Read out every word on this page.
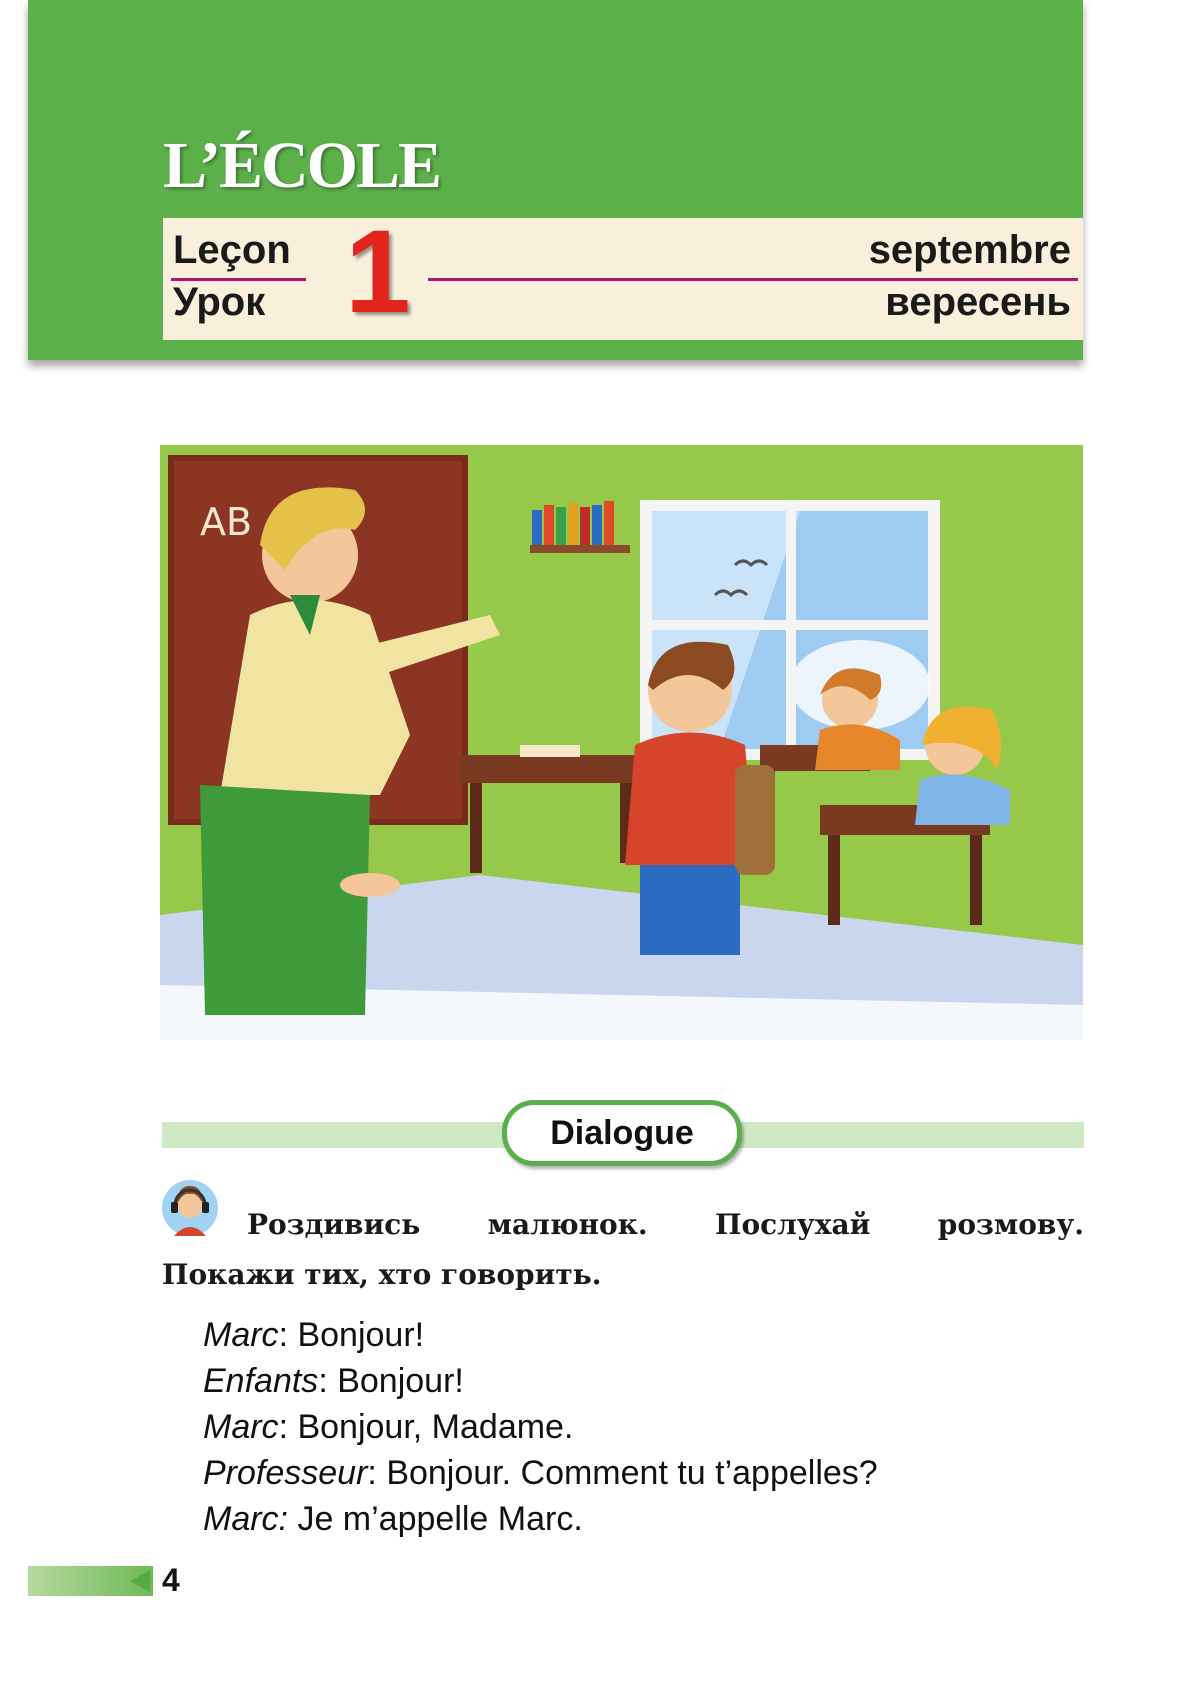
L’ÉCOLE
Leçon
Урок 1	septembre
вересень
AB
Dialogue
Роздивись малюнок. Послухай розмову.
Покажи тих, хто говорить.
Marc: Bonjour!
Enfants: Bonjour!
Marc: Bonjour, Madame.
Professeur: Bonjour. Comment tu t’appelles?
Marc: Je m’appelle Marc.
4
